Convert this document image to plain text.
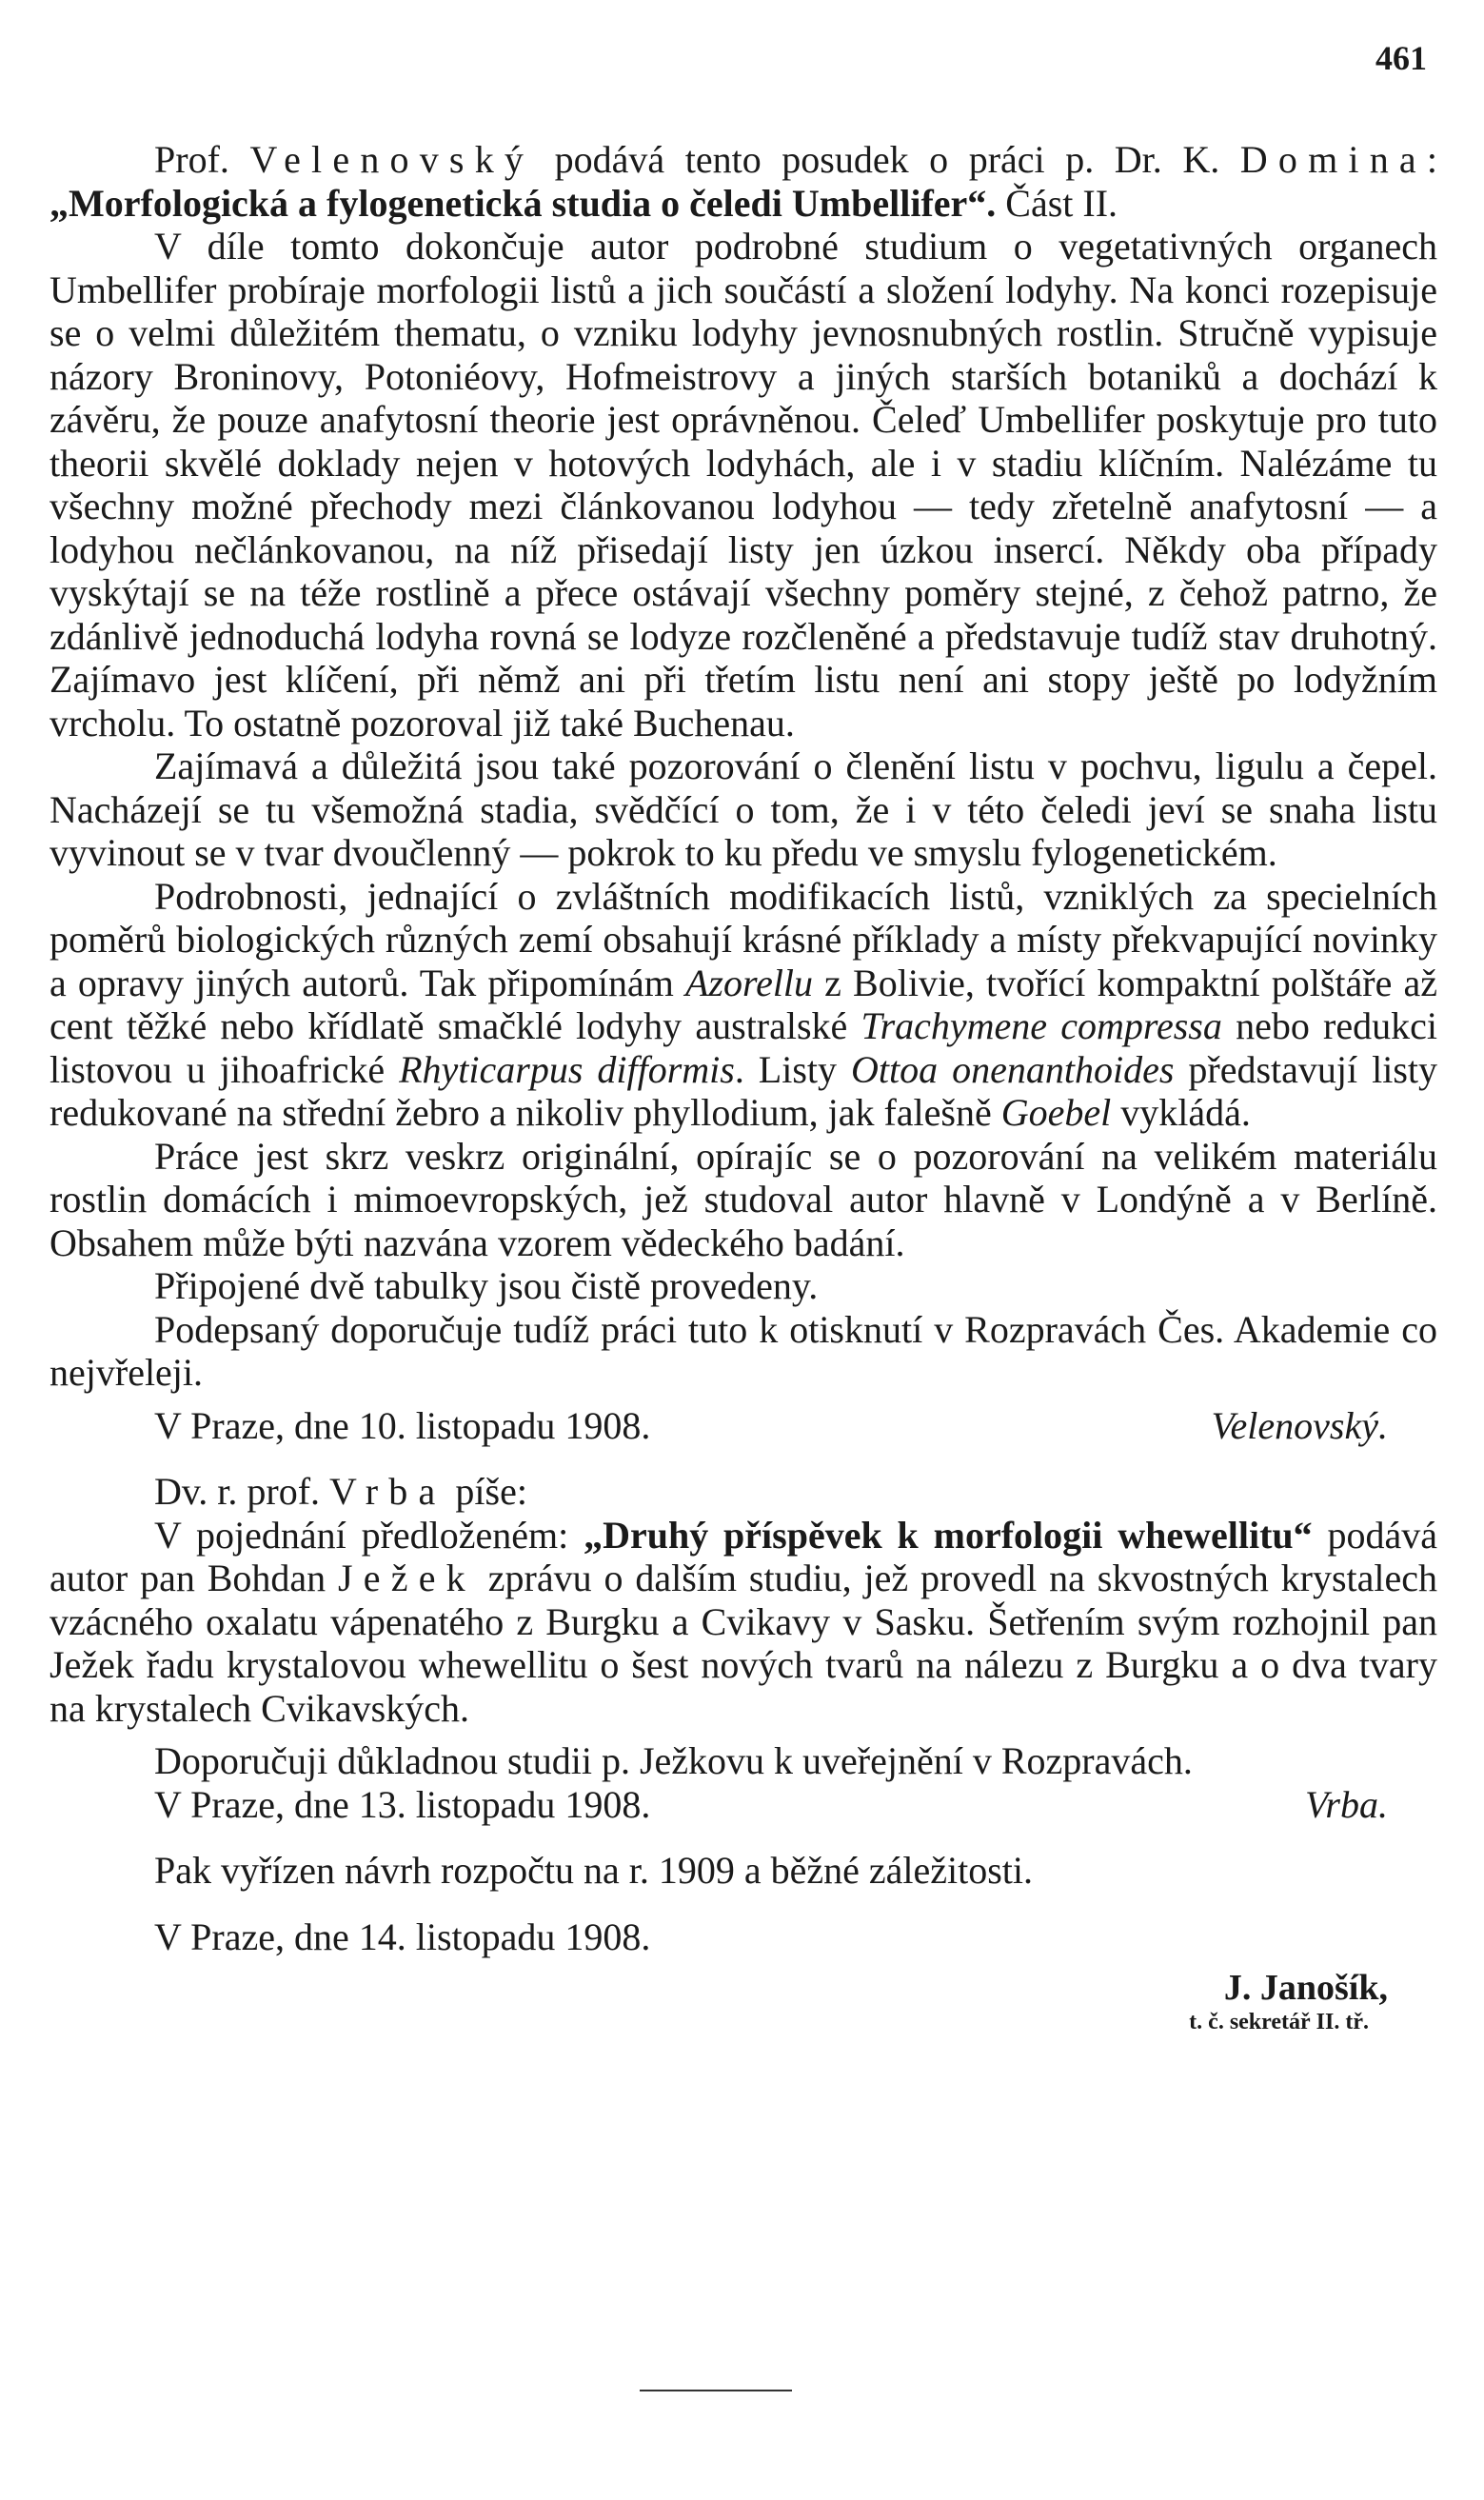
461

Prof. Velenovský podává tento posudek o práci p. Dr. K. Domina: „Morfologická a fylogenetická studia o čeledi Umbellifer“. Část II.

V díle tomto dokončuje autor podrobné studium o vegetativných organech Umbellifer probíraje morfologii listů a jich součástí a složení lodyhy. Na konci rozepisuje se o velmi důležitém thematu, o vzniku lodyhy jevnosnubných rostlin. Stručně vypisuje názory Broninovy, Potoniéovy, Hofmeistrovy a jiných starších botaniků a dochází k závěru, že pouze anafytosní theorie jest oprávněnou. Čeleď Umbellifer poskytuje pro tuto theorii skvělé doklady nejen v hotových lodyhách, ale i v stadiu klíčním. Nalézáme tu všechny možné přechody mezi článkovanou lodyhou — tedy zřetelně anafytosní — a lodyhou nečlánkovanou, na níž přisedají listy jen úzkou insercí. Někdy oba případy vyskýtají se na téže rostlině a přece ostávají všechny poměry stejné, z čehož patrno, že zdánlivě jednoduchá lodyha rovná se lodyze rozčleněné a představuje tudíž stav druhotný. Zajímavo jest klíčení, při němž ani při třetím listu není ani stopy ještě po lodyžním vrcholu. To ostatně pozoroval již také Buchenau.

Zajímavá a důležitá jsou také pozorování o členění listu v pochvu, ligulu a čepel. Nacházejí se tu všemožná stadia, svědčící o tom, že i v této čeledi jeví se snaha listu vyvinout se v tvar dvoučlenný — pokrok to ku předu ve smyslu fylogenetickém.

Podrobnosti, jednající o zvláštních modifikacích listů, vzniklých za specielních poměrů biologických různých zemí obsahují krásné příklady a místy překvapující novinky a opravy jiných autorů. Tak připomínám Azorellu z Bolivie, tvořící kompaktní polštáře až cent těžké nebo křídlatě smačklé lodyhy australské Trachymene compressa nebo redukci listovou u jihoafrické Rhyticarpus difformis. Listy Ottoa onenanthoides představují listy redukované na střední žebro a nikoliv phyllodium, jak falešně Goebel vykládá.

Práce jest skrz veskrz originální, opírajíc se o pozorování na velikém materiálu rostlin domácích i mimoevropských, jež studoval autor hlavně v Londýně a v Berlíně. Obsahem může býti nazvána vzorem vědeckého badání.

Připojené dvě tabulky jsou čistě provedeny.

Podepsaný doporučuje tudíž práci tuto k otisknutí v Rozpravách Čes. Akademie co nejvřeleji.

V Praze, dne 10. listopadu 1908.	Velenovský.

Dv. r. prof. Vrba píše:

V pojednání předloženém: „Druhý příspěvek k morfologii whewellitu“ podává autor pan Bohdan Ježek zprávu o dalším studiu, jež provedl na skvostných krystalech vzácného oxalatu vápenatého z Burgku a Cvikavy v Sasku. Šetřením svým rozhojnil pan Ježek řadu krystalovou whewellitu o šest nových tvarů na nálezu z Burgku a o dva tvary na krystalech Cvikavských.

Doporučuji důkladnou studii p. Ježkovu k uveřejnění v Rozpravách.

V Praze, dne 13. listopadu 1908.	Vrba.

Pak vyřízen návrh rozpočtu na r. 1909 a běžné záležitosti.

V Praze, dne 14. listopadu 1908.

J. Janošík,

t. č. sekretář II. tř.
